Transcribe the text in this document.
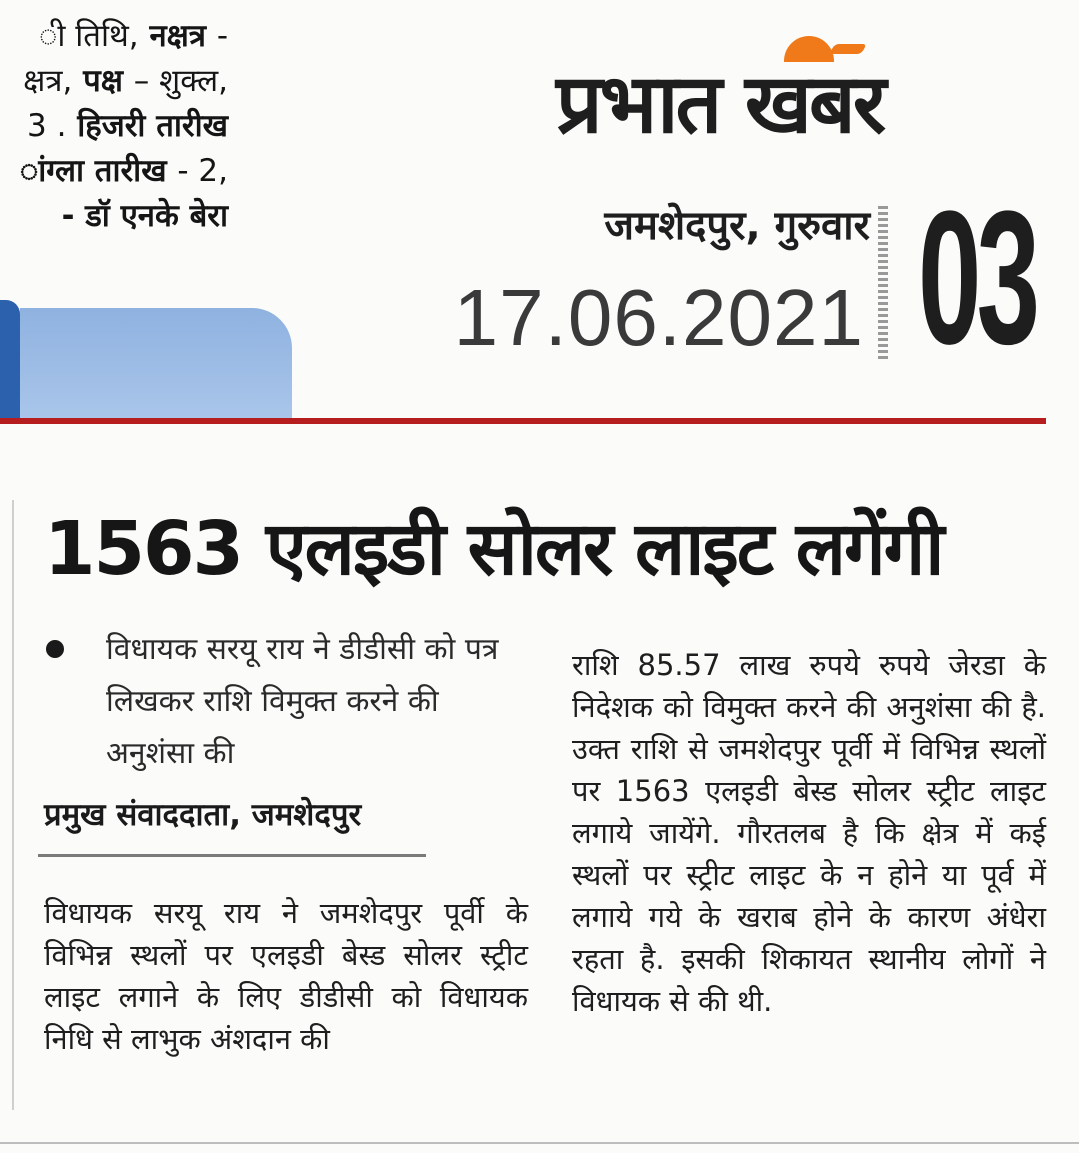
ी तिथि, नक्षत्र -
क्षत्र, पक्ष – शुक्ल,
3 . हिजरी तारीख
ांग्ला तारीख - 2,
- डॉ एनके बेरा
प्रभात खबर
जमशेदपुर, गुरुवार
17.06.2021 03
1563 एलइडी सोलर लाइट लगेंगी
विधायक सरयू राय ने डीडीसी को पत्र लिखकर राशि विमुक्त करने की अनुशंसा की
प्रमुख संवाददाता, जमशेदपुर
विधायक सरयू राय ने जमशेदपुर पूर्वी के विभिन्न स्थलों पर एलइडी बेस्ड सोलर स्ट्रीट लाइट लगाने के लिए डीडीसी को विधायक निधि से लाभुक अंशदान की
राशि 85.57 लाख रुपये रुपये जेरडा के निदेशक को विमुक्त करने की अनुशंसा की है. उक्त राशि से जमशेदपुर पूर्वी में विभिन्न स्थलों पर 1563 एलइडी बेस्ड सोलर स्ट्रीट लाइट लगाये जायेंगे. गौरतलब है कि क्षेत्र में कई स्थलों पर स्ट्रीट लाइट के न होने या पूर्व में लगाये गये के खराब होने के कारण अंधेरा रहता है. इसकी शिकायत स्थानीय लोगों ने विधायक से की थी.
